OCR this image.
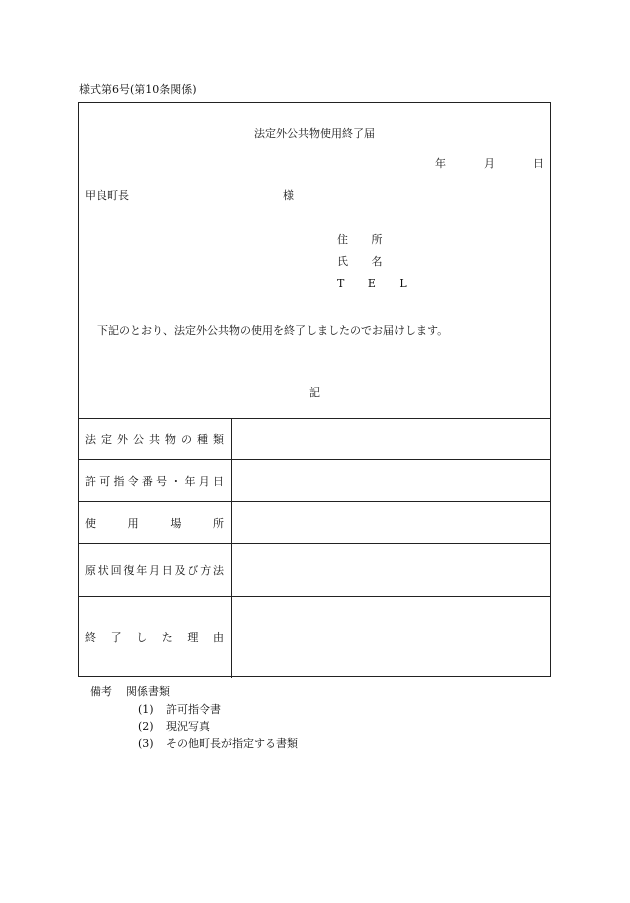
様式第6号(第10条関係)
法定外公共物使用終了届
年	月	日
甲良町長	様
住 所
氏 名
T E L
下記のとおり、法定外公共物の使用を終了しましたのでお届けします。
記
法定外公共物の種類	

許可指令番号・年月日	

使用場所	

原状回復年月日及び方法	

終了した理由	

備考 関係書類
(1) 許可指令書
(2) 現況写真
(3) その他町長が指定する書類
